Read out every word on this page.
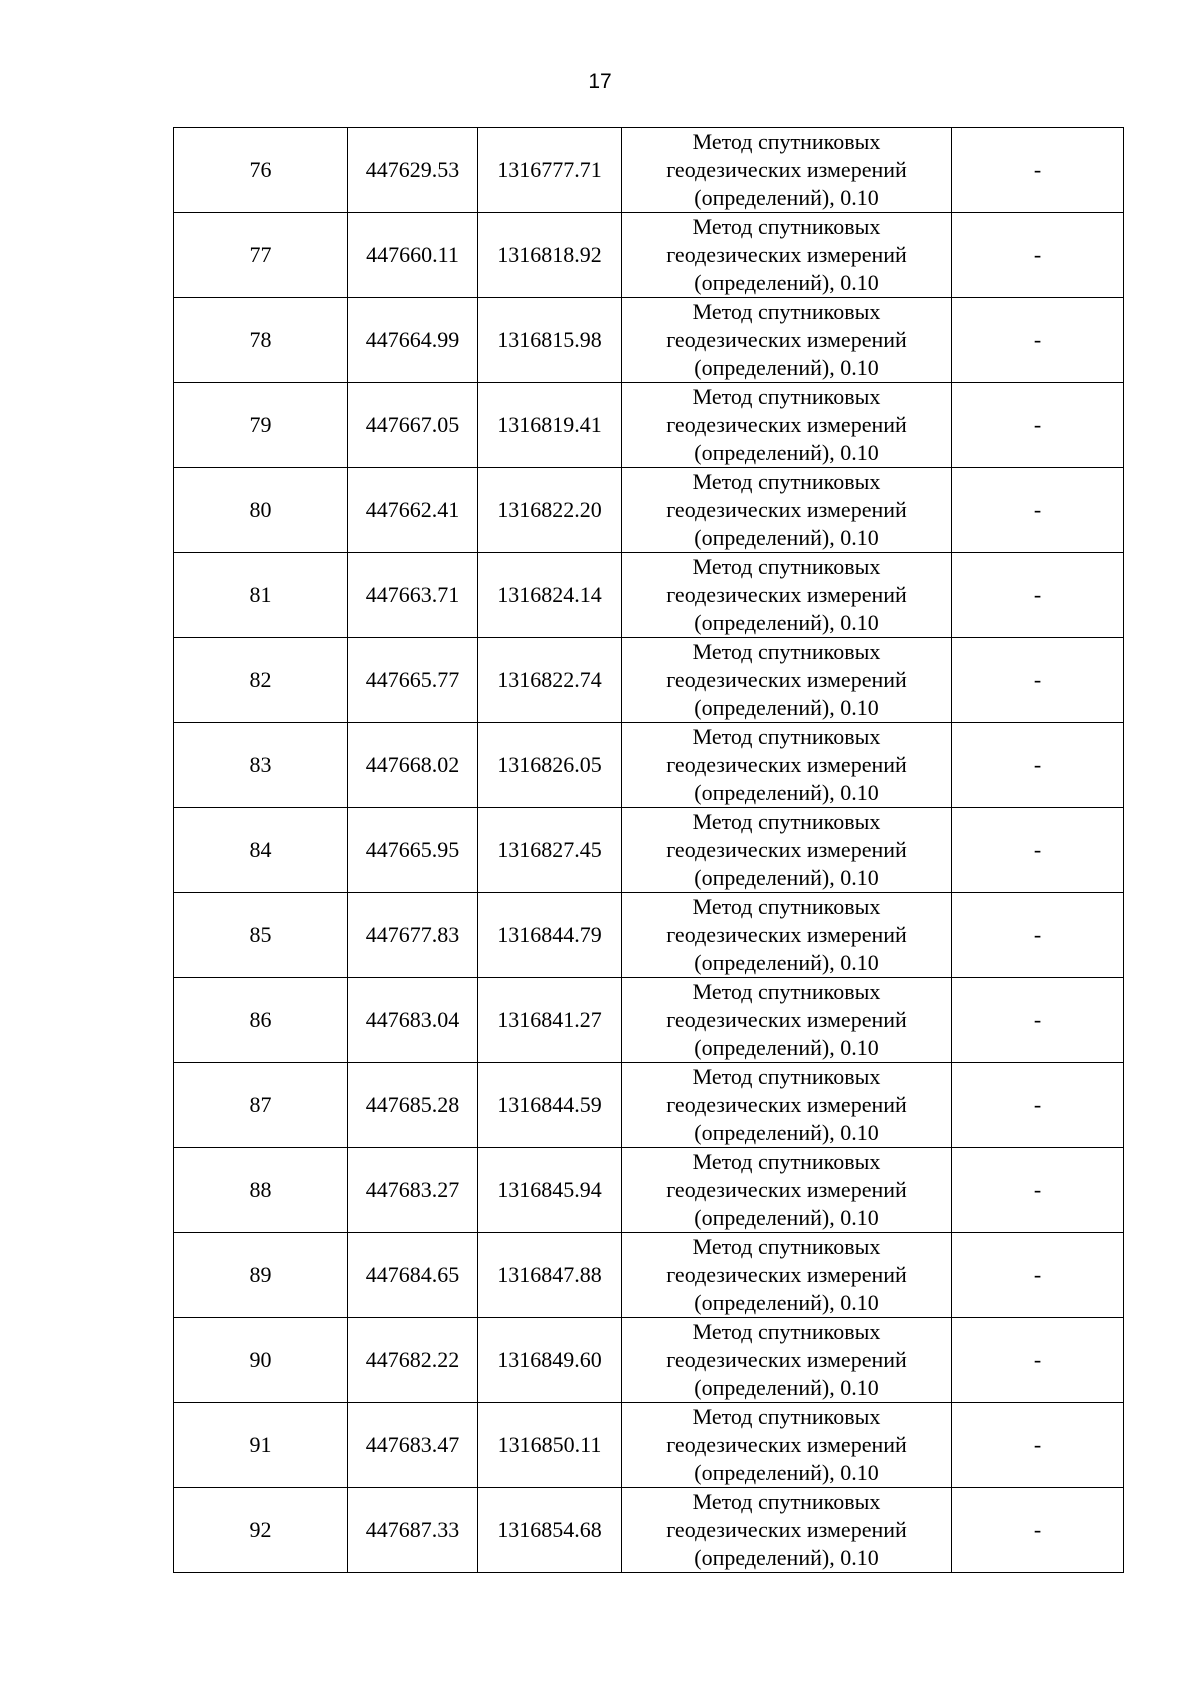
17
76	447629.53	1316777.71	Метод спутниковых
геодезических измерений
(определений), 0.10	-
77	447660.11	1316818.92	Метод спутниковых
геодезических измерений
(определений), 0.10	-
78	447664.99	1316815.98	Метод спутниковых
геодезических измерений
(определений), 0.10	-
79	447667.05	1316819.41	Метод спутниковых
геодезических измерений
(определений), 0.10	-
80	447662.41	1316822.20	Метод спутниковых
геодезических измерений
(определений), 0.10	-
81	447663.71	1316824.14	Метод спутниковых
геодезических измерений
(определений), 0.10	-
82	447665.77	1316822.74	Метод спутниковых
геодезических измерений
(определений), 0.10	-
83	447668.02	1316826.05	Метод спутниковых
геодезических измерений
(определений), 0.10	-
84	447665.95	1316827.45	Метод спутниковых
геодезических измерений
(определений), 0.10	-
85	447677.83	1316844.79	Метод спутниковых
геодезических измерений
(определений), 0.10	-
86	447683.04	1316841.27	Метод спутниковых
геодезических измерений
(определений), 0.10	-
87	447685.28	1316844.59	Метод спутниковых
геодезических измерений
(определений), 0.10	-
88	447683.27	1316845.94	Метод спутниковых
геодезических измерений
(определений), 0.10	-
89	447684.65	1316847.88	Метод спутниковых
геодезических измерений
(определений), 0.10	-
90	447682.22	1316849.60	Метод спутниковых
геодезических измерений
(определений), 0.10	-
91	447683.47	1316850.11	Метод спутниковых
геодезических измерений
(определений), 0.10	-
92	447687.33	1316854.68	Метод спутниковых
геодезических измерений
(определений), 0.10	-
